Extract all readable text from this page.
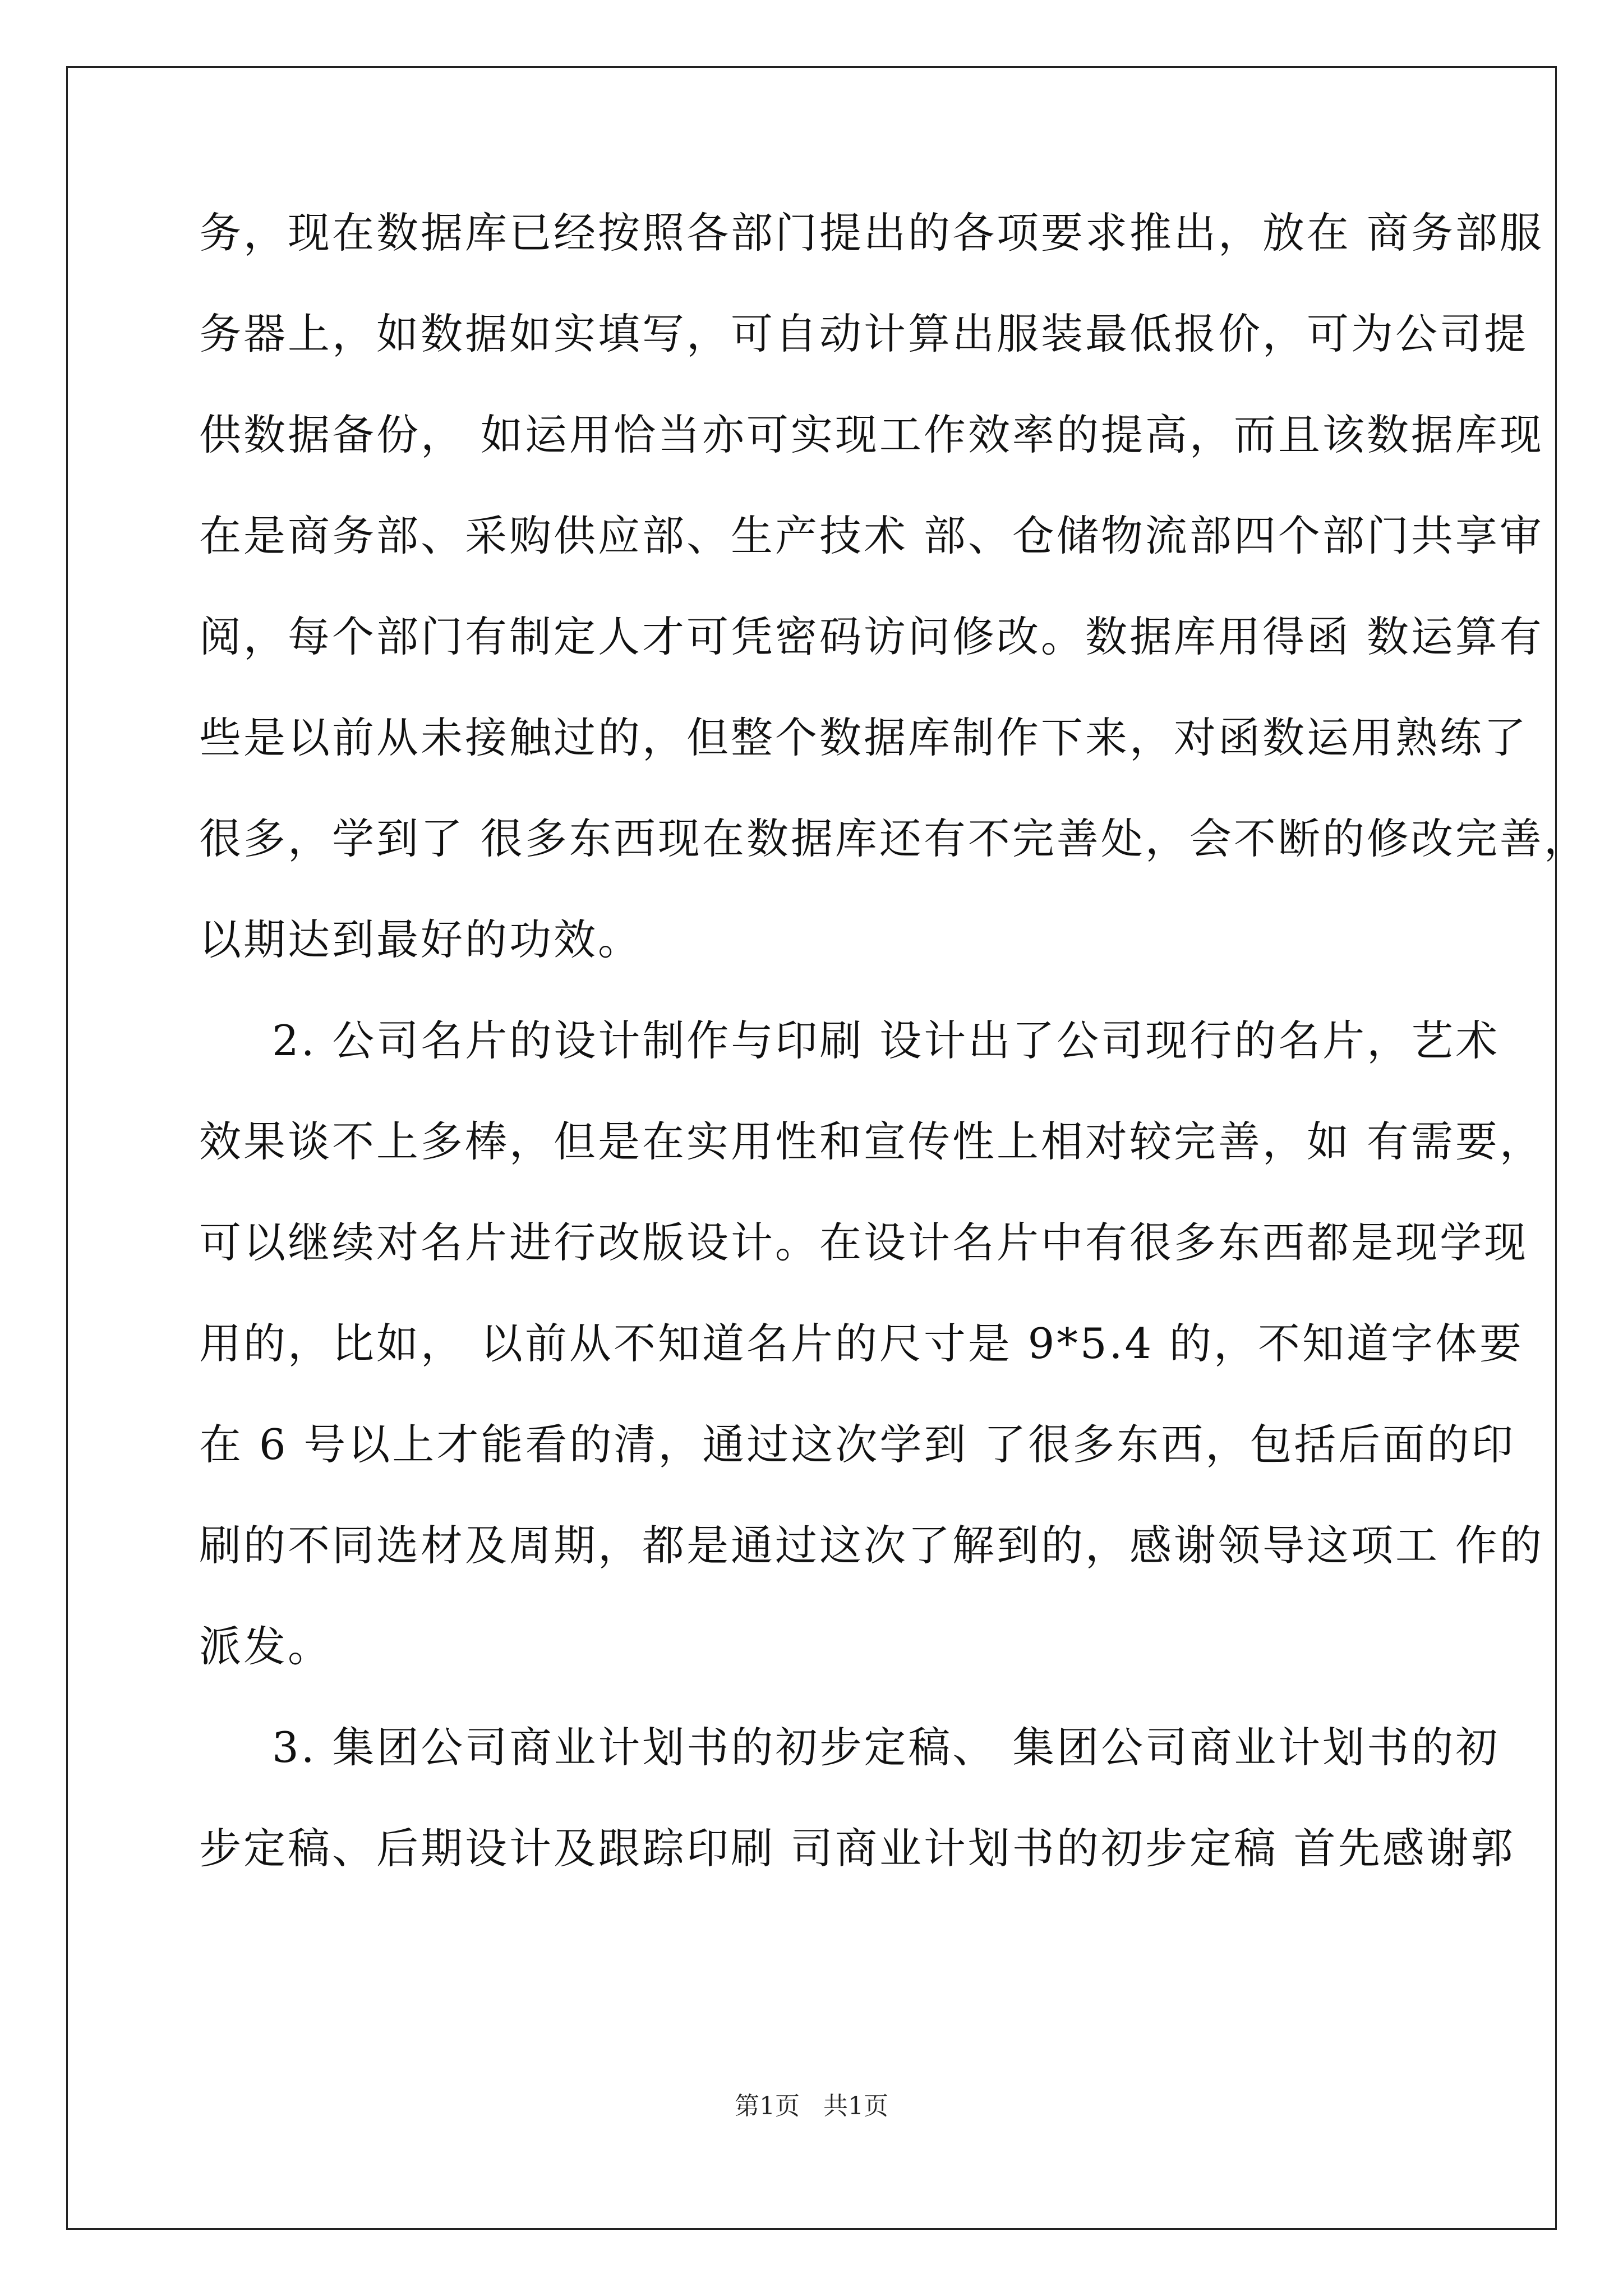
务，现在数据库已经按照各部门提出的各项要求推出，放在 商务部服
务器上，如数据如实填写，可自动计算出服装最低报价，可为公司提
供数据备份， 如运用恰当亦可实现工作效率的提高，而且该数据库现
在是商务部、采购供应部、生产技术 部、仓储物流部四个部门共享审
阅，每个部门有制定人才可凭密码访问修改。数据库用得函 数运算有
些是以前从未接触过的，但整个数据库制作下来，对函数运用熟练了
很多，学到了 很多东西现在数据库还有不完善处，会不断的修改完善，
以期达到最好的功效。
2. 公司名片的设计制作与印刷 设计出了公司现行的名片，艺术
效果谈不上多棒，但是在实用性和宣传性上相对较完善，如 有需要，
可以继续对名片进行改版设计。在设计名片中有很多东西都是现学现
用的，比如， 以前从不知道名片的尺寸是 9*5.4 的，不知道字体要
在 6 号以上才能看的清，通过这次学到 了很多东西，包括后面的印
刷的不同选材及周期，都是通过这次了解到的，感谢领导这项工 作的
派发。
3. 集团公司商业计划书的初步定稿、 集团公司商业计划书的初
步定稿、后期设计及跟踪印刷 司商业计划书的初步定稿 首先感谢郭
第1页   共1页
